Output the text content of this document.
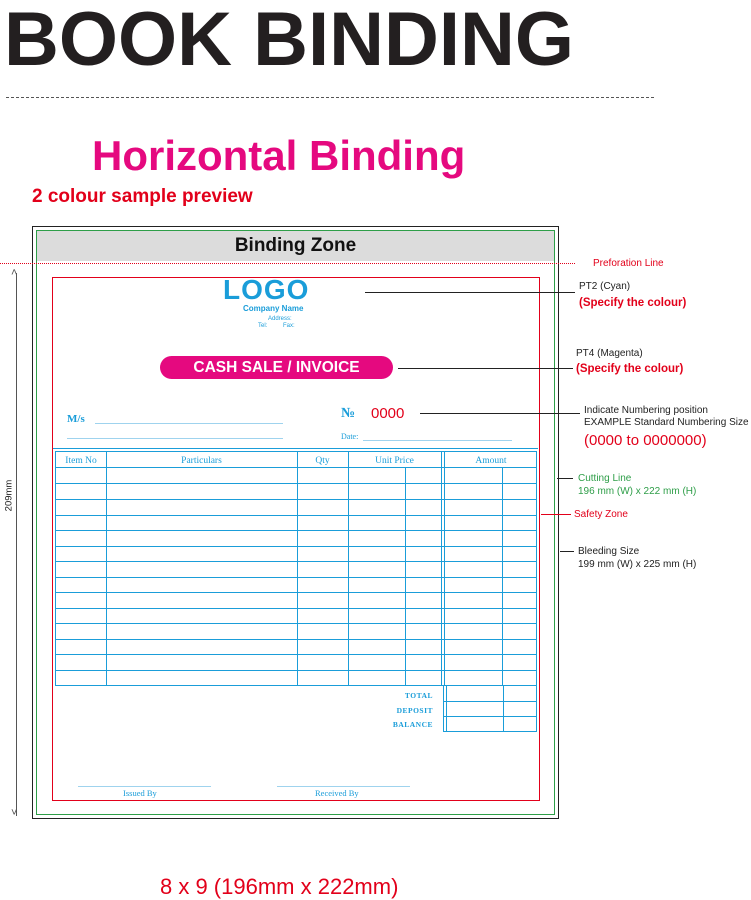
BOOK BINDING
Horizontal Binding
2 colour sample preview
Binding Zone
LOGO
Company Name
Address:
Tel: Fax:
CASH SALE / INVOICE
M/s	№ 0000
Date:
Item No	Particulars	Qty	Unit Price	Amount
TOTAL
DEPOSIT
BALANCE
Issued By	Received By
Preforation Line
PT2 (Cyan)
(Specify the colour)
PT4 (Magenta)
(Specify the colour)
Indicate Numbering position
EXAMPLE Standard Numbering Size
(0000 to 0000000)
Cutting Line
196 mm (W) x 222 mm (H)
Safety Zone
Bleeding Size
199 mm (W) x 225 mm (H)
˄
˅
209mm
8 x 9 (196mm x 222mm)
